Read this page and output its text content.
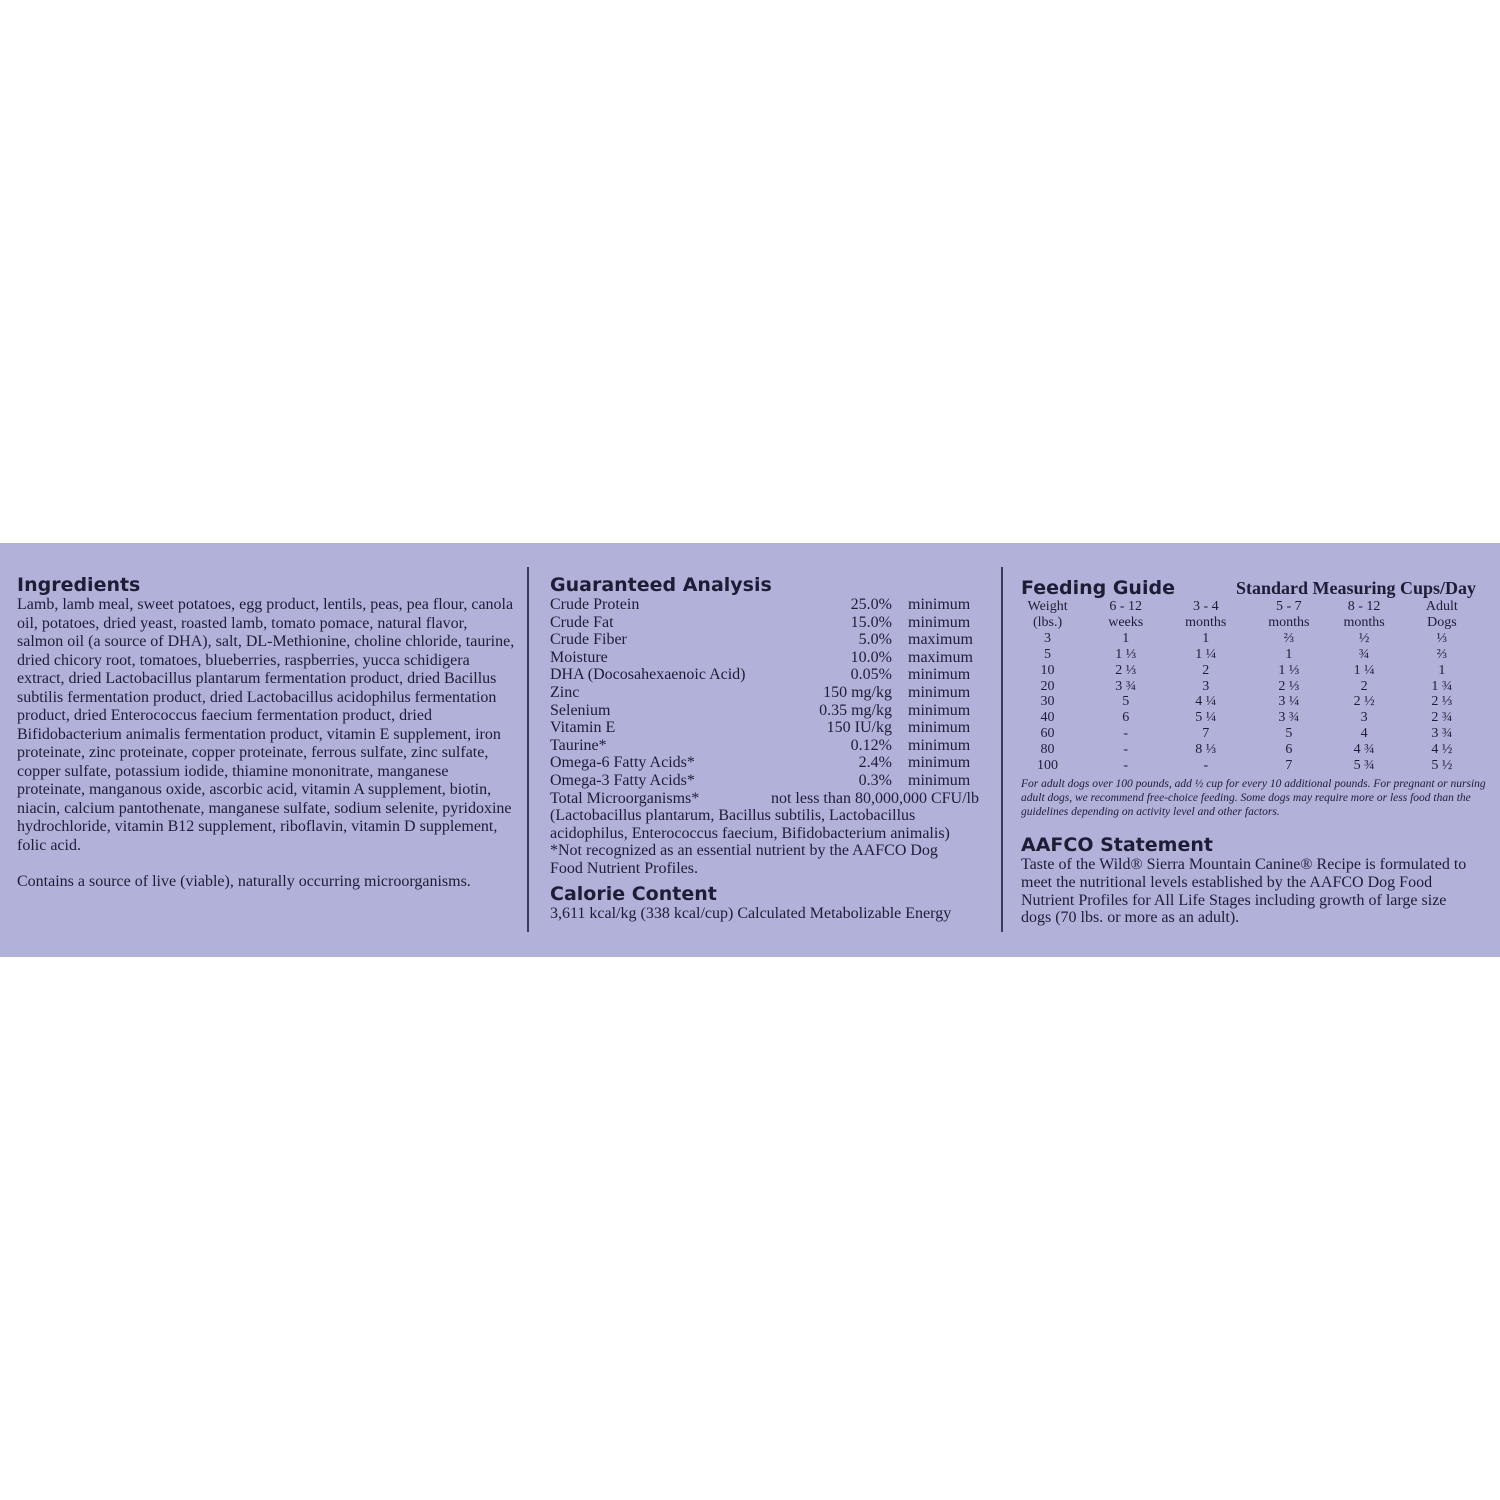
Ingredients

Lamb, lamb meal, sweet potatoes, egg product, lentils, peas, pea flour, canola oil, potatoes, dried yeast, roasted lamb, tomato pomace, natural flavor, salmon oil (a source of DHA), salt, DL-Methionine, choline chloride, taurine, dried chicory root, tomatoes, blueberries, raspberries, yucca schidigera extract, dried Lactobacillus plantarum fermentation product, dried Bacillus subtilis fermentation product, dried Lactobacillus acidophilus fermentation product, dried Enterococcus faecium fermentation product, dried Bifidobacterium animalis fermentation product, vitamin E supplement, iron proteinate, zinc proteinate, copper proteinate, ferrous sulfate, zinc sulfate, copper sulfate, potassium iodide, thiamine mononitrate, manganese proteinate, manganous oxide, ascorbic acid, vitamin A supplement, biotin, niacin, calcium pantothenate, manganese sulfate, sodium selenite, pyridoxine hydrochloride, vitamin B12 supplement, riboflavin, vitamin D supplement, folic acid.

Contains a source of live (viable), naturally occurring microorganisms.

Guaranteed Analysis
Crude Protein	25.0%	minimum
Crude Fat	15.0%	minimum
Crude Fiber	5.0%	maximum
Moisture	10.0%	maximum
DHA (Docosahexaenoic Acid)	0.05%	minimum
Zinc	150 mg/kg	minimum
Selenium	0.35 mg/kg	minimum
Vitamin E	150 IU/kg	minimum
Taurine*	0.12%	minimum
Omega-6 Fatty Acids*	2.4%	minimum
Omega-3 Fatty Acids*	0.3%	minimum
Total Microorganisms*	not less than 80,000,000 CFU/lb

(Lactobacillus plantarum, Bacillus subtilis, Lactobacillus acidophilus, Enterococcus faecium, Bifidobacterium animalis)

*Not recognized as an essential nutrient by the AAFCO Dog Food Nutrient Profiles.

Calorie Content

3,611 kcal/kg (338 kcal/cup) Calculated Metabolizable Energy

Feeding Guide	Standard Measuring Cups/Day
Weight	6 - 12	3 - 4	5 - 7	8 - 12	Adult
(lbs.)	weeks	months	months	months	Dogs
3	1	1	⅔	½	⅓
5	1 ⅓	1 ¼	1	¾	⅔
10	2 ⅓	2	1 ⅓	1 ¼	1
20	3 ¾	3	2 ⅓	2	1 ¾
30	5	4 ¼	3 ¼	2 ½	2 ⅓
40	6	5 ¼	3 ¾	3	2 ¾
60	-	7	5	4	3 ¾
80	-	8 ⅓	6	4 ¾	4 ½
100	-	-	7	5 ¾	5 ½

For adult dogs over 100 pounds, add ½ cup for every 10 additional pounds. For pregnant or nursing adult dogs, we recommend free-choice feeding. Some dogs may require more or less food than the guidelines depending on activity level and other factors.

AAFCO Statement

Taste of the Wild® Sierra Mountain Canine® Recipe is formulated to meet the nutritional levels established by the AAFCO Dog Food Nutrient Profiles for All Life Stages including growth of large size dogs (70 lbs. or more as an adult).
